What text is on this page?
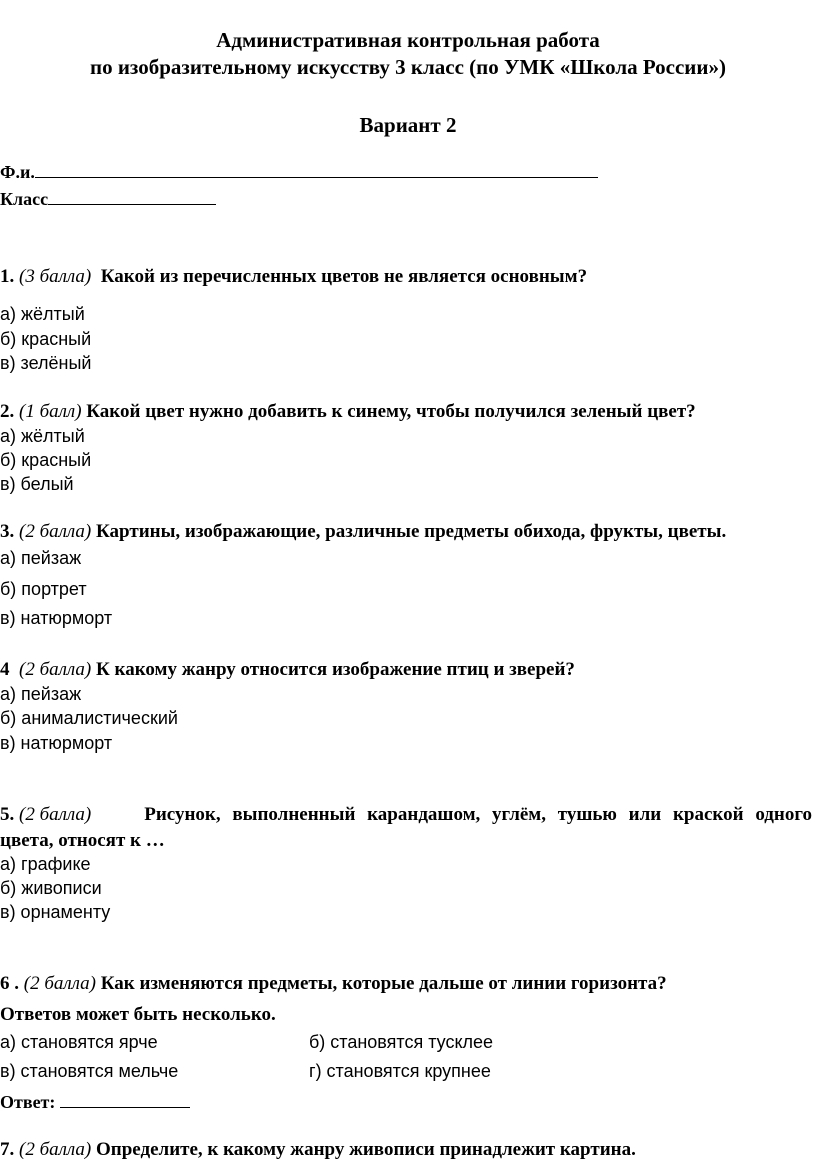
Административная контрольная работа
по изобразительному искусству 3 класс (по УМК «Школа России»)
Вариант 2
Ф.и.
Класс
1. (3 балла) Какой из перечисленных цветов не является основным?
а) жёлтый
б) красный
в) зелёный
2. (1 балл) Какой цвет нужно добавить к синему, чтобы получился зеленый цвет?
а) жёлтый
б) красный
в) белый
3. (2 балла) Картины, изображающие, различные предметы обихода, фрукты, цветы.
а) пейзаж
б) портрет
в) натюрморт
4 (2 балла) К какому жанру относится изображение птиц и зверей?
а) пейзаж
б) анималистический
в) натюрморт
5. (2 балла)	Рисунок, выполненный карандашом, углём, тушью или краской одного
цвета, относят к …
а) графике
б) живописи
в) орнаменту
6 . (2 балла) Как изменяются предметы, которые дальше от линии горизонта?
Ответов может быть несколько.
а) становятся ярче	б) становятся тусклее
в) становятся мельче	г) становятся крупнее
Ответ:
7. (2 балла) Определите, к какому жанру живописи принадлежит картина.
